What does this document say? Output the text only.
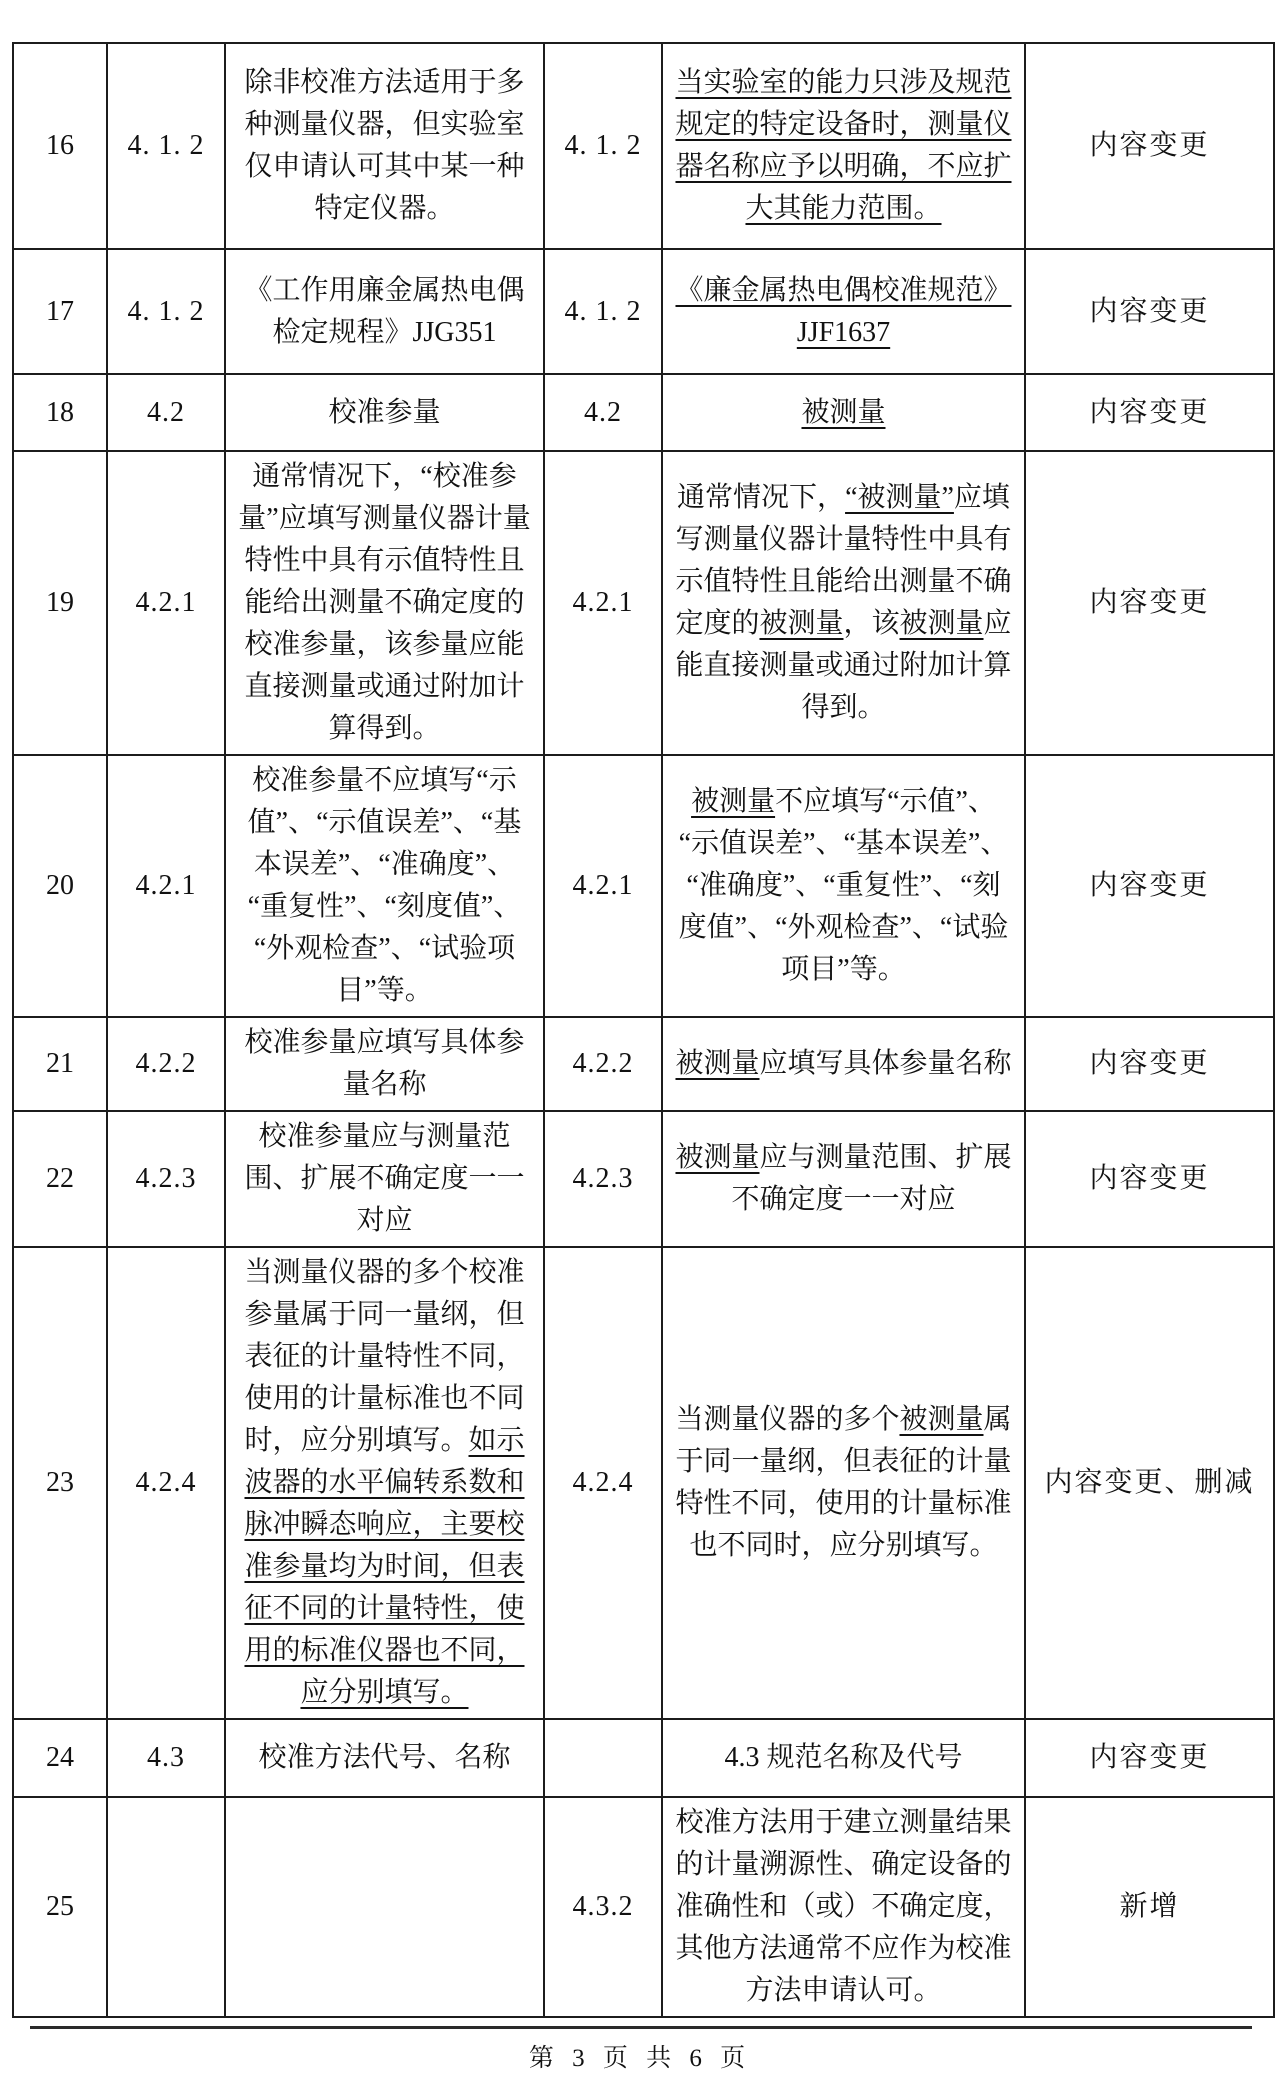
16	4. 1. 2	除非校准方法适用于多种测量仪器，但实验室仅申请认可其中某一种特定仪器。	4. 1. 2	当实验室的能力只涉及规范规定的特定设备时，测量仪器名称应予以明确，不应扩大其能力范围。	内容变更
17	4. 1. 2	《工作用廉金属热电偶检定规程》JJG351	4. 1. 2	《廉金属热电偶校准规范》JJF1637	内容变更
18	4.2	校准参量	4.2	被测量	内容变更
19	4.2.1	通常情况下，“校准参量”应填写测量仪器计量特性中具有示值特性且能给出测量不确定度的校准参量，该参量应能直接测量或通过附加计算得到。	4.2.1	通常情况下，“被测量”应填写测量仪器计量特性中具有示值特性且能给出测量不确定度的被测量，该被测量应能直接测量或通过附加计算得到。	内容变更
20	4.2.1	校准参量不应填写“示值”、“示值误差”、“基本误差”、“准确度”、“重复性”、“刻度值”、“外观检查”、“试验项目”等。	4.2.1	被测量不应填写“示值”、“示值误差”、“基本误差”、“准确度”、“重复性”、“刻度值”、“外观检查”、“试验项目”等。	内容变更
21	4.2.2	校准参量应填写具体参量名称	4.2.2	被测量应填写具体参量名称	内容变更
22	4.2.3	校准参量应与测量范围、扩展不确定度一一对应	4.2.3	被测量应与测量范围、扩展不确定度一一对应	内容变更
23	4.2.4	当测量仪器的多个校准参量属于同一量纲，但表征的计量特性不同，使用的计量标准也不同时，应分别填写。如示波器的水平偏转系数和脉冲瞬态响应，主要校准参量均为时间，但表征不同的计量特性，使用的标准仪器也不同，应分别填写。	4.2.4	当测量仪器的多个被测量属于同一量纲，但表征的计量特性不同，使用的计量标准也不同时，应分别填写。	内容变更、删减
24	4.3	校准方法代号、名称		4.3 规范名称及代号	内容变更
25			4.3.2	校准方法用于建立测量结果的计量溯源性、确定设备的准确性和（或）不确定度，其他方法通常不应作为校准方法申请认可。	新增
第 3 页 共 6 页
